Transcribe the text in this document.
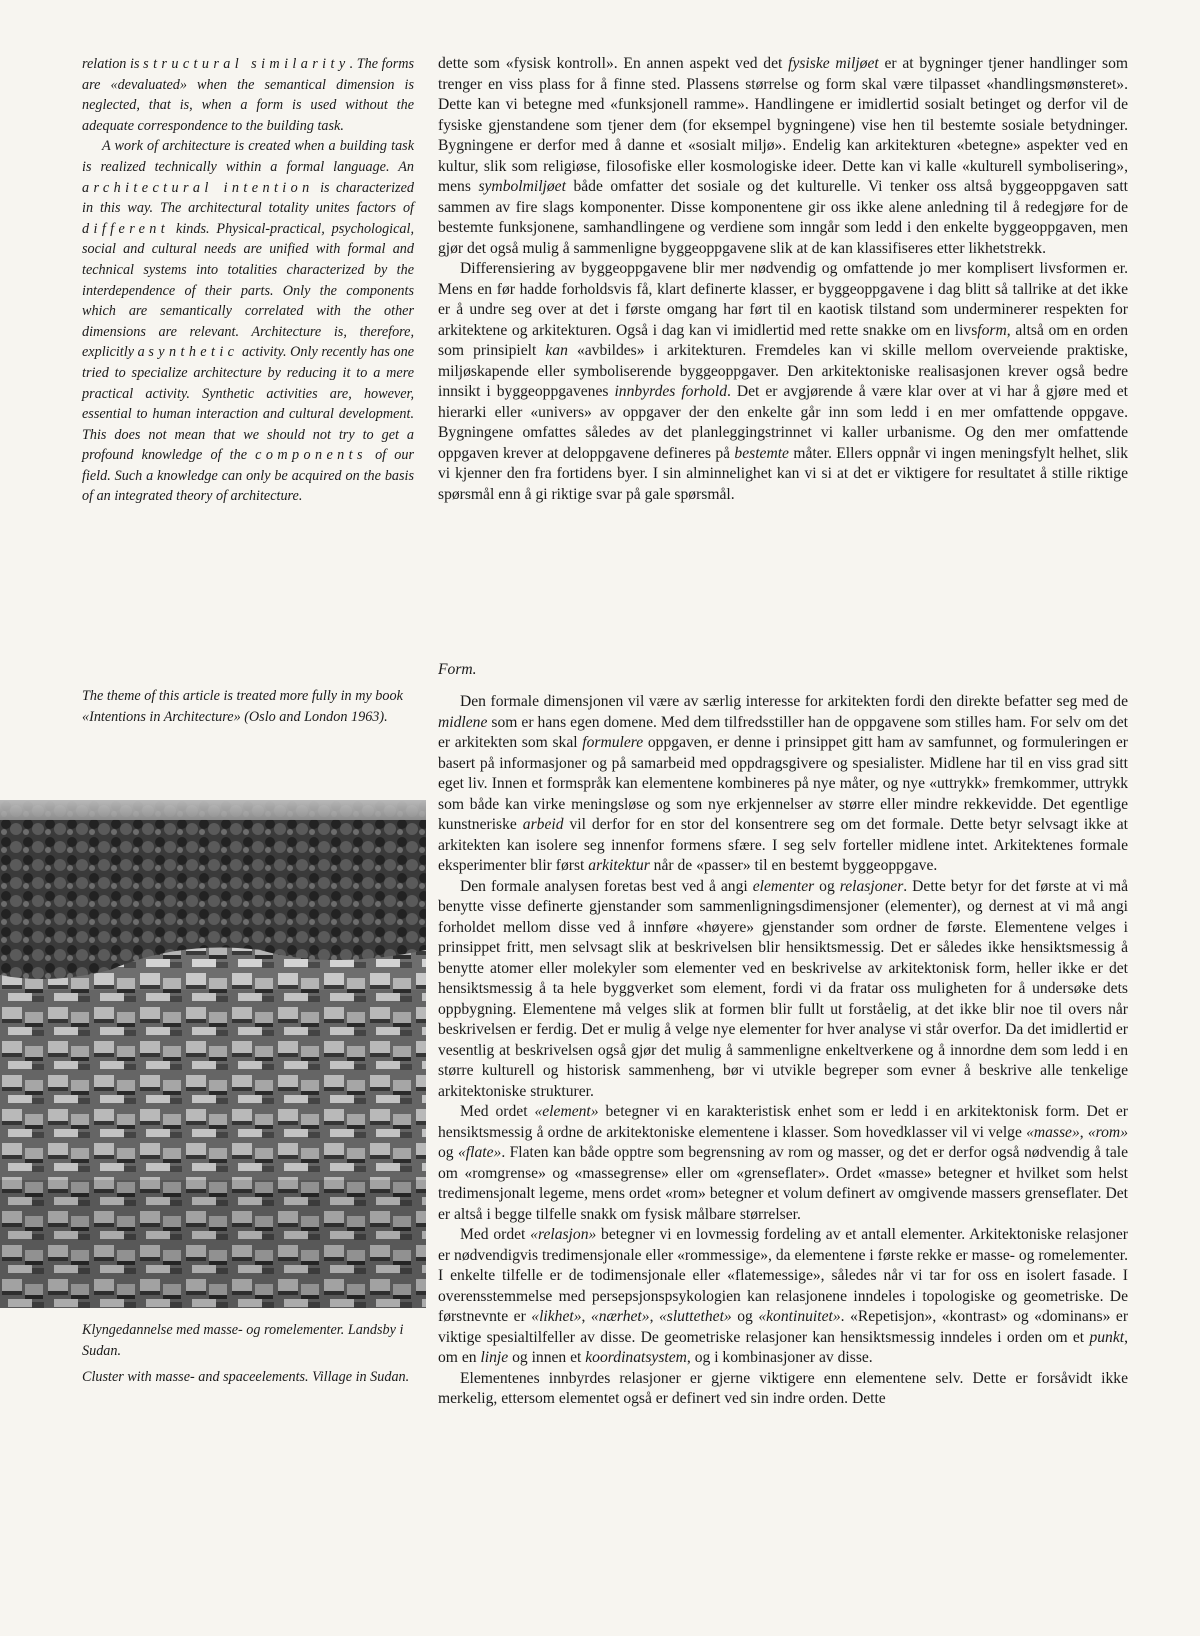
relation is structural similarity. The forms are «devaluated» when the semantical dimension is neglected, that is, when a form is used without the adequate correspondence to the building task.

A work of architecture is created when a building task is realized technically within a formal language. An architectural intention is characterized in this way. The architectural totality unites factors of different kinds. Physical-practical, psychological, social and cultural needs are unified with formal and technical systems into totalities characterized by the interdependence of their parts. Only the components which are semantically correlated with the other dimensions are relevant. Architecture is, therefore, explicitly a synthetic activity. Only recently has one tried to specialize architecture by reducing it to a mere practical activity. Synthetic activities are, however, essential to human interaction and cultural development. This does not mean that we should not try to get a profound knowledge of the components of our field. Such a knowledge can only be acquired on the basis of an integrated theory of architecture.

The theme of this article is treated more fully in my book «Intentions in Architecture» (Oslo and London 1963).

Klyngedannelse med masse- og romelementer. Landsby i Sudan.

Cluster with masse- and spaceelements. Village in Sudan.

dette som «fysisk kontroll». En annen aspekt ved det fysiske miljøet er at bygninger tjener handlinger som trenger en viss plass for å finne sted. Plassens størrelse og form skal være tilpasset «handlingsmønsteret». Dette kan vi betegne med «funksjonell ramme». Handlingene er imidlertid sosialt betinget og derfor vil de fysiske gjenstandene som tjener dem (for eksempel bygningene) vise hen til bestemte sosiale betydninger. Bygningene er derfor med å danne et «sosialt miljø». Endelig kan arkitekturen «betegne» aspekter ved en kultur, slik som religiøse, filosofiske eller kosmologiske ideer. Dette kan vi kalle «kulturell symbolisering», mens symbolmiljøet både omfatter det sosiale og det kulturelle. Vi tenker oss altså byggeoppgaven satt sammen av fire slags komponenter. Disse komponentene gir oss ikke alene anledning til å redegjøre for de bestemte funksjonene, samhandlingene og verdiene som inngår som ledd i den enkelte byggeoppgaven, men gjør det også mulig å sammenligne byggeoppgavene slik at de kan klassifiseres etter likhetstrekk.

Differensiering av byggeoppgavene blir mer nødvendig og omfattende jo mer komplisert livsformen er. Mens en før hadde forholdsvis få, klart definerte klasser, er byggeoppgavene i dag blitt så tallrike at det ikke er å undre seg over at det i første omgang har ført til en kaotisk tilstand som underminerer respekten for arkitektene og arkitekturen. Også i dag kan vi imidlertid med rette snakke om en livsform, altså om en orden som prinsipielt kan «avbildes» i arkitekturen. Fremdeles kan vi skille mellom overveiende praktiske, miljøskapende eller symboliserende byggeoppgaver. Den arkitektoniske realisasjonen krever også bedre innsikt i byggeoppgavenes innbyrdes forhold. Det er avgjørende å være klar over at vi har å gjøre med et hierarki eller «univers» av oppgaver der den enkelte går inn som ledd i en mer omfattende oppgave. Bygningene omfattes således av det planleggingstrinnet vi kaller urbanisme. Og den mer omfattende oppgaven krever at deloppgavene defineres på bestemte måter. Ellers oppnår vi ingen meningsfylt helhet, slik vi kjenner den fra fortidens byer. I sin alminnelighet kan vi si at det er viktigere for resultatet å stille riktige spørsmål enn å gi riktige svar på gale spørsmål.

Form.

Den formale dimensjonen vil være av særlig interesse for arkitekten fordi den direkte befatter seg med de midlene som er hans egen domene. Med dem tilfredsstiller han de oppgavene som stilles ham. For selv om det er arkitekten som skal formulere oppgaven, er denne i prinsippet gitt ham av samfunnet, og formuleringen er basert på informasjoner og på samarbeid med oppdragsgivere og spesialister. Midlene har til en viss grad sitt eget liv. Innen et formspråk kan elementene kombineres på nye måter, og nye «uttrykk» fremkommer, uttrykk som både kan virke meningsløse og som nye erkjennelser av større eller mindre rekkevidde. Det egentlige kunstneriske arbeid vil derfor for en stor del konsentrere seg om det formale. Dette betyr selvsagt ikke at arkitekten kan isolere seg innenfor formens sfære. I seg selv forteller midlene intet. Arkitektenes formale eksperimenter blir først arkitektur når de «passer» til en bestemt byggeoppgave.

Den formale analysen foretas best ved å angi elementer og relasjoner. Dette betyr for det første at vi må benytte visse definerte gjenstander som sammenligningsdimensjoner (elementer), og dernest at vi må angi forholdet mellom disse ved å innføre «høyere» gjenstander som ordner de første. Elementene velges i prinsippet fritt, men selvsagt slik at beskrivelsen blir hensiktsmessig. Det er således ikke hensiktsmessig å benytte atomer eller molekyler som elementer ved en beskrivelse av arkitektonisk form, heller ikke er det hensiktsmessig å ta hele byggverket som element, fordi vi da fratar oss muligheten for å undersøke dets oppbygning. Elementene må velges slik at formen blir fullt ut forståelig, at det ikke blir noe til overs når beskrivelsen er ferdig. Det er mulig å velge nye elementer for hver analyse vi står overfor. Da det imidlertid er vesentlig at beskrivelsen også gjør det mulig å sammenligne enkeltverkene og å innordne dem som ledd i en større kulturell og historisk sammenheng, bør vi utvikle begreper som evner å beskrive alle tenkelige arkitektoniske strukturer.

Med ordet «element» betegner vi en karakteristisk enhet som er ledd i en arkitektonisk form. Det er hensiktsmessig å ordne de arkitektoniske elementene i klasser. Som hovedklasser vil vi velge «masse», «rom» og «flate». Flaten kan både opptre som begrensning av rom og masser, og det er derfor også nødvendig å tale om «romgrense» og «massegrense» eller om «grenseflater». Ordet «masse» betegner et hvilket som helst tredimensjonalt legeme, mens ordet «rom» betegner et volum definert av omgivende massers grenseflater. Det er altså i begge tilfelle snakk om fysisk målbare størrelser.

Med ordet «relasjon» betegner vi en lovmessig fordeling av et antall elementer. Arkitektoniske relasjoner er nødvendigvis tredimensjonale eller «rommessige», da elementene i første rekke er masse- og romelementer. I enkelte tilfelle er de todimensjonale eller «flatemessige», således når vi tar for oss en isolert fasade. I overensstemmelse med persepsjonspsykologien kan relasjonene inndeles i topologiske og geometriske. De førstnevnte er «likhet», «nærhet», «sluttethet» og «kontinuitet». «Repetisjon», «kontrast» og «dominans» er viktige spesialtilfeller av disse. De geometriske relasjoner kan hensiktsmessig inndeles i orden om et punkt, om en linje og innen et koordinatsystem, og i kombinasjoner av disse.

Elementenes innbyrdes relasjoner er gjerne viktigere enn elementene selv. Dette er forsåvidt ikke merkelig, ettersom elementet også er definert ved sin indre orden. Dette
